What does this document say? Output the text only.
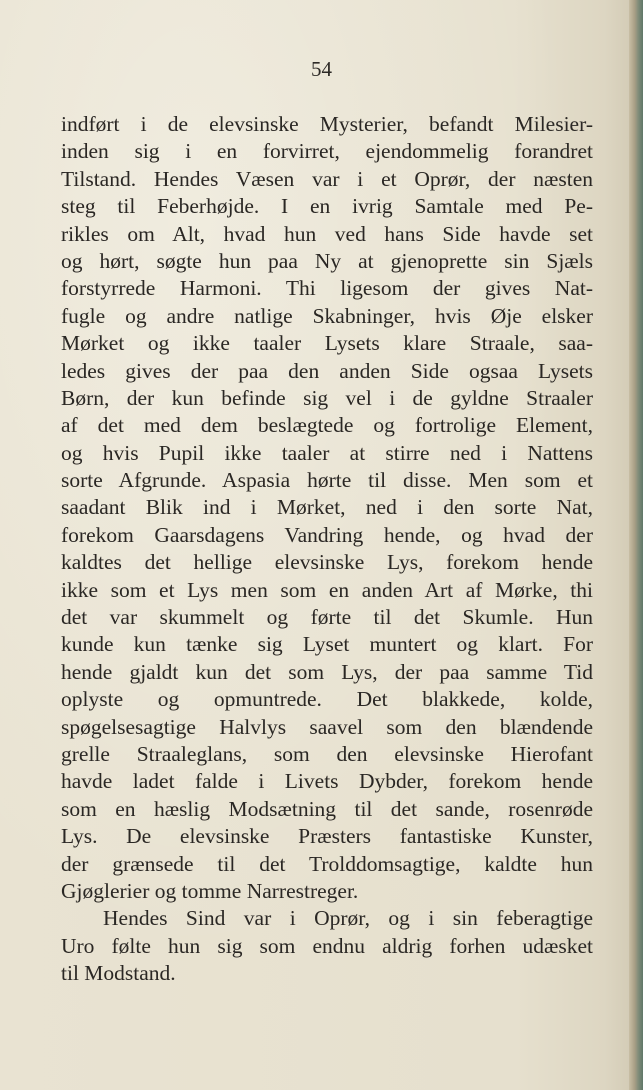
54

indført i de elevsinske Mysterier, befandt Milesier-
inden sig i en forvirret, ejendommelig forandret
Tilstand. Hendes Væsen var i et Oprør, der næsten
steg til Feberhøjde. I en ivrig Samtale med Pe-
rikles om Alt, hvad hun ved hans Side havde set
og hørt, søgte hun paa Ny at gjenoprette sin Sjæls
forstyrrede Harmoni. Thi ligesom der gives Nat-
fugle og andre natlige Skabninger, hvis Øje elsker
Mørket og ikke taaler Lysets klare Straale, saa-
ledes gives der paa den anden Side ogsaa Lysets
Børn, der kun befinde sig vel i de gyldne Straaler
af det med dem beslægtede og fortrolige Element,
og hvis Pupil ikke taaler at stirre ned i Nattens
sorte Afgrunde. Aspasia hørte til disse. Men som et
saadant Blik ind i Mørket, ned i den sorte Nat,
forekom Gaarsdagens Vandring hende, og hvad der
kaldtes det hellige elevsinske Lys, forekom hende
ikke som et Lys men som en anden Art af Mørke, thi
det var skummelt og førte til det Skumle. Hun
kunde kun tænke sig Lyset muntert og klart. For
hende gjaldt kun det som Lys, der paa samme Tid
oplyste og opmuntrede. Det blakkede, kolde,
spøgelsesagtige Halvlys saavel som den blændende
grelle Straaleglans, som den elevsinske Hierofant
havde ladet falde i Livets Dybder, forekom hende
som en hæslig Modsætning til det sande, rosenrøde
Lys. De elevsinske Præsters fantastiske Kunster,
der grænsede til det Trolddomsagtige, kaldte hun
Gjøglerier og tomme Narrestreger.
Hendes Sind var i Oprør, og i sin feberagtige
Uro følte hun sig som endnu aldrig forhen udæsket
til Modstand.
